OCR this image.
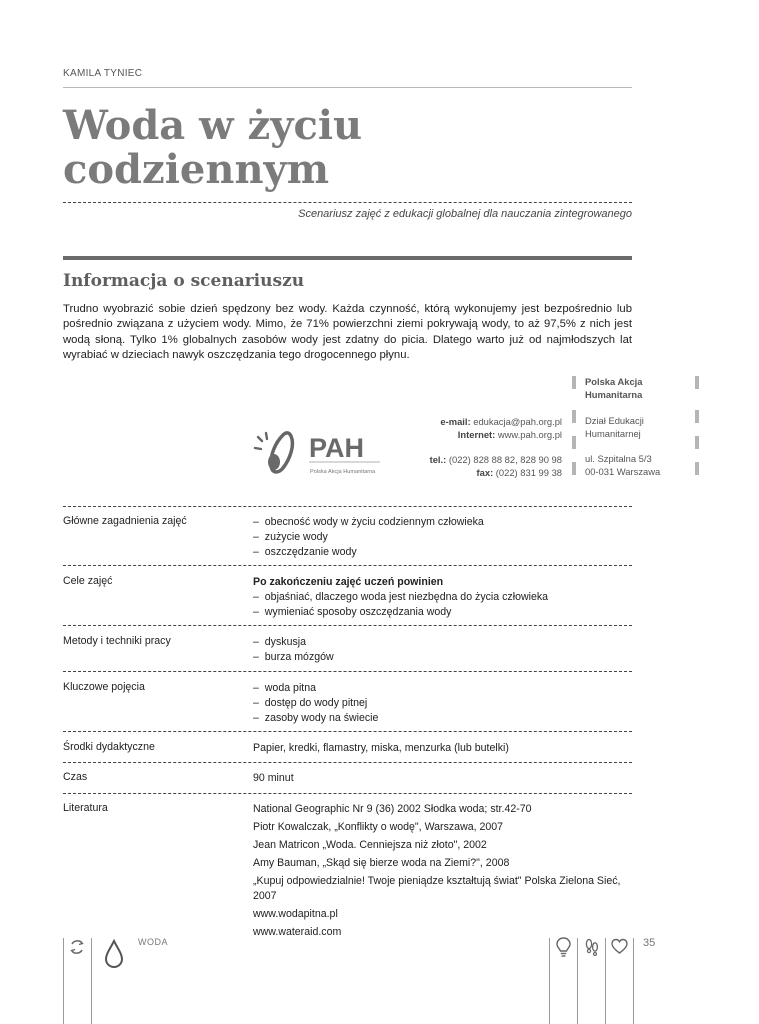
KAMILA TYNIEC
Woda w życiu
codziennym
Scenariusz zajęć z edukacji globalnej dla nauczania zintegrowanego
Informacja o scenariuszu

Trudno wyobrazić sobie dzień spędzony bez wody. Każda czynność, którą wykonujemy jest bezpośrednio lub pośrednio związana z użyciem wody. Mimo, że 71% powierzchni ziemi pokrywają wody, to aż 97,5% z nich jest wodą słoną. Tylko 1% globalnych zasobów wody jest zdatny do picia. Dlatego warto już od najmłodszych lat wyrabiać w dzieciach nawyk oszczędzania tego drogocennego płynu.

e-mail: edukacja@pah.org.pl
Internet: www.pah.org.pl
tel.: (022) 828 88 82, 828 90 98
fax: (022) 831 99 38
Polska Akcja
Humanitarna
Dział Edukacji
Humanitarnej
ul. Szpitalna 5/3
00-031 Warszawa
PAH
Polska Akcja Humanitarna
Główne zagadnienia zajęć	–  obecność wody w życiu codziennym człowieka
–  zużycie wody
–  oszczędzanie wody
Cele zajęć	Po zakończeniu zajęć uczeń powinien
–  objaśniać, dlaczego woda jest niezbędna do życia człowieka
–  wymieniać sposoby oszczędzania wody
Metody i techniki pracy	–  dyskusja
–  burza mózgów
Kluczowe pojęcia	–  woda pitna
–  dostęp do wody pitnej
–  zasoby wody na świecie
Środki dydaktyczne	Papier, kredki, flamastry, miska, menzurka (lub butelki)
Czas	90 minut
Literatura	National Geographic Nr 9 (36) 2002 Słodka woda; str.42-70
Piotr Kowalczak, „Konflikty o wodę", Warszawa, 2007
Jean Matricon „Woda. Cenniejsza niż złoto", 2002
Amy Bauman, „Skąd się bierze woda na Ziemi?", 2008
„Kupuj odpowiedzialnie! Twoje pieniądze kształtują świat" Polska Zielona Sieć, 2007
www.wodapitna.pl
www.wateraid.com
WODA	35
